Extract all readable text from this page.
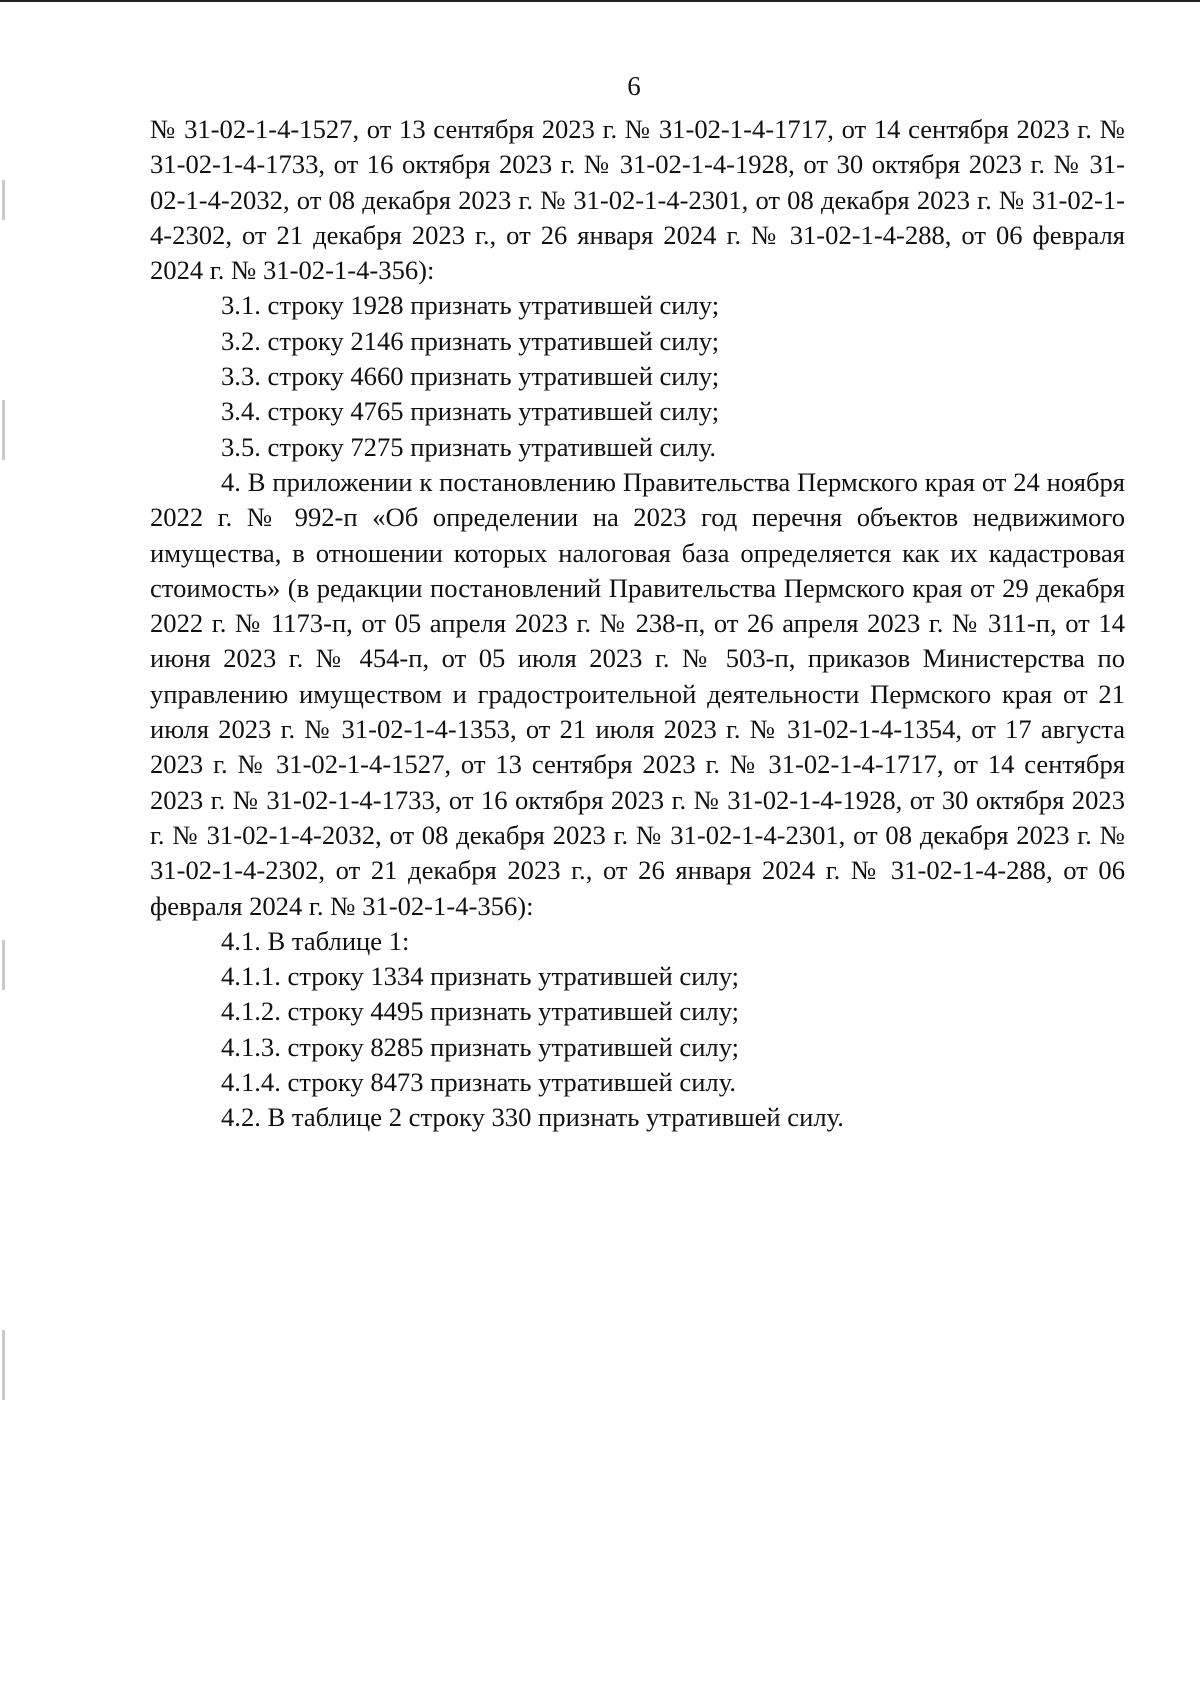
6

№ 31-02-1-4-1527, от 13 сентября 2023 г. № 31-02-1-4-1717, от 14 сентября 2023 г. № 31-02-1-4-1733, от 16 октября 2023 г. № 31-02-1-4-1928, от 30 октября 2023 г. № 31-02-1-4-2032, от 08 декабря 2023 г. № 31-02-1-4-2301, от 08 декабря 2023 г. № 31-02-1-4-2302, от 21 декабря 2023 г., от 26 января 2024 г. № 31-02-1-4-288, от 06 февраля 2024 г. № 31-02-1-4-356):

3.1. строку 1928 признать утратившей силу;

3.2. строку 2146 признать утратившей силу;

3.3. строку 4660 признать утратившей силу;

3.4. строку 4765 признать утратившей силу;

3.5. строку 7275 признать утратившей силу.

4. В приложении к постановлению Правительства Пермского края от 24 ноября 2022 г. № 992-п «Об определении на 2023 год перечня объектов недвижимого имущества, в отношении которых налоговая база определяется как их кадастровая стоимость» (в редакции постановлений Правительства Пермского края от 29 декабря 2022 г. № 1173-п, от 05 апреля 2023 г. № 238-п, от 26 апреля 2023 г. № 311-п, от 14 июня 2023 г. № 454-п, от 05 июля 2023 г. № 503-п, приказов Министерства по управлению имуществом и градостроительной деятельности Пермского края от 21 июля 2023 г. № 31-02-1-4-1353, от 21 июля 2023 г. № 31-02-1-4-1354, от 17 августа 2023 г. № 31-02-1-4-1527, от 13 сентября 2023 г. № 31-02-1-4-1717, от 14 сентября 2023 г. № 31-02-1-4-1733, от 16 октября 2023 г. № 31-02-1-4-1928, от 30 октября 2023 г. № 31-02-1-4-2032, от 08 декабря 2023 г. № 31-02-1-4-2301, от 08 декабря 2023 г. № 31-02-1-4-2302, от 21 декабря 2023 г., от 26 января 2024 г. № 31-02-1-4-288, от 06 февраля 2024 г. № 31-02-1-4-356):

4.1. В таблице 1:

4.1.1. строку 1334 признать утратившей силу;

4.1.2. строку 4495 признать утратившей силу;

4.1.3. строку 8285 признать утратившей силу;

4.1.4. строку 8473 признать утратившей силу.

4.2. В таблице 2 строку 330 признать утратившей силу.
